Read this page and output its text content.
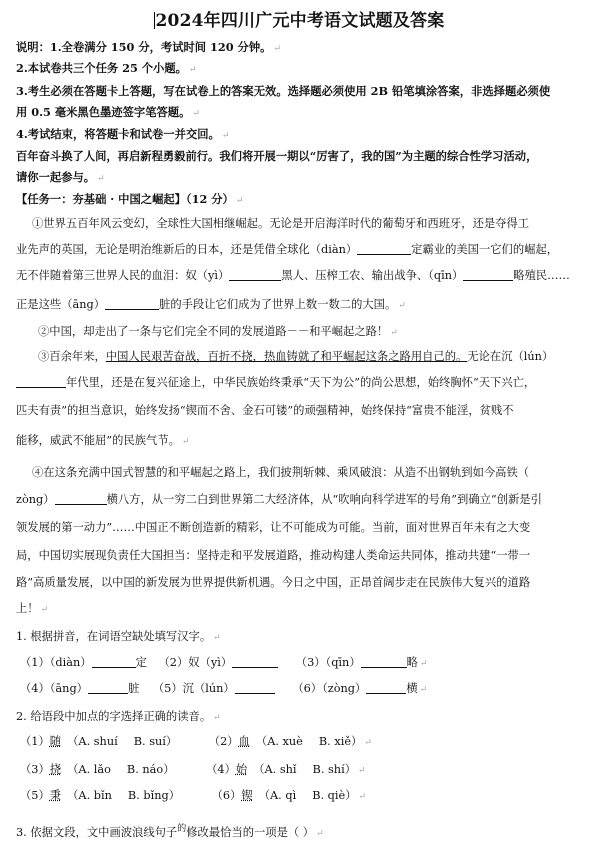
2024年四川广元中考语文试题及答案
说明：1.全卷满分 150 分，考试时间 120 分钟。 ↵
2.本试卷共三个任务 25 个小题。 ↵
3.考生必须在答题卡上答题，写在试卷上的答案无效。选择题必须使用 2B 铅笔填涂答案，非选择题必须使
用 0.5 毫米黑色墨迹签字笔答题。 ↵
4.考试结束，将答题卡和试卷一并交回。 ↵
百年奋斗换了人间，再启新程勇毅前行。我们将开展一期以“厉害了，我的国”为主题的综合性学习活动，
请你一起参与。 ↵
【任务一：夯基础 · 中国之崛起】（12 分） ↵
①世界五百年风云变幻，全球性大国相继崛起。无论是开启海洋时代的葡萄牙和西班牙，还是夺得工
业先声的英国，无论是明治维新后的日本，还是凭借全球化（diàn）	定霸业的美国一它们的崛起，
无不伴随着第三世界人民的血泪：奴（yì）	黑人、压榨工农、输出战争、（qīn）	略殖民……
正是这些（āng）	脏的手段让它们成为了世界上数一数二的大国。 ↵
②中国，却走出了一条与它们完全不同的发展道路－－和平崛起之路！ ↵
③百余年来，中国人民艰苦奋战，百折不挠，热血铸就了和平崛起这条之路用自己的。无论在沉（lún）
年代里，还是在复兴征途上，中华民族始终秉承“天下为公”的尚公思想，始终胸怀“天下兴亡，
匹夫有责”的担当意识，始终发扬“锲而不舍、金石可镂”的顽强精神，始终保持“富贵不能淫，贫贱不
能移，威武不能屈”的民族气节。 ↵
④在这条充满中国式智慧的和平崛起之路上，我们披荆斩棘、乘风破浪：从造不出钢轨到如今高铁（
zòng）	横八方，从一穷二白到世界第二大经济体，从“吹响向科学进军的号角”到确立“创新是引
领发展的第一动力”……中国正不断创造新的精彩，让不可能成为可能。当前，面对世界百年未有之大变
局，中国切实展现负责任大国担当：坚持走和平发展道路，推动构建人类命运共同体，推动共建“一带一
路”高质量发展，以中国的新发展为世界提供新机遇。今日之中国，正昂首阔步走在民族伟大复兴的道路
上！ ↵
1. 根据拼音，在词语空缺处填写汉字。 ↵
（1）（diàn）	定 （2）奴（yì）	（3）（qīn）	略 ↵
（4）（āng）	脏 （5）沉（lún）	（6）（zòng）	横 ↵
2. 给语段中加点的字选择正确的读音。 ↵
（1）随 （A. shuí B. suí）	（2）血 （A. xuè B. xiě） ↵
（3）挠 （A. lǎo B. náo）	（4）始 （A. shǐ B. shí） ↵
（5）秉 （A. bǐn B. bǐng）	（6）锲 （A. qì B. qiè） ↵
3. 依据文段，文中画波浪线句子$^的$修改最恰当的一项是（ ） ↵
